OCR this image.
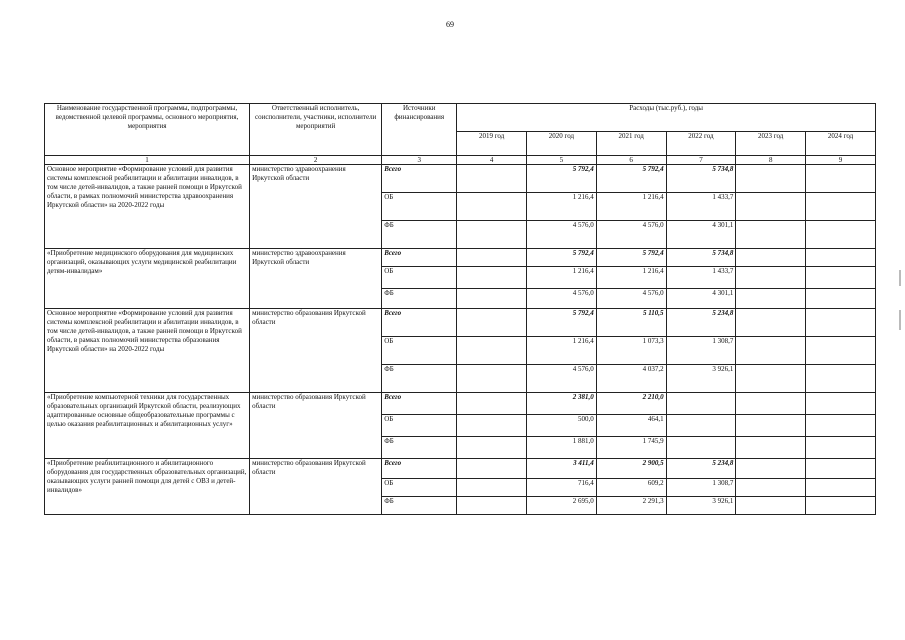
69
Наименование государственной программы, подпрограммы, ведомственной целевой программы, основного мероприятия, мероприятия	Ответственный исполнитель, соисполнители, участники, исполнители мероприятий	Источники финансирования	Расходы (тыс.руб.), годы					
			2019 год	2020 год	2021 год	2022 год	2023 год	2024 год
1	2	3	4	5	6	7	8	9
Основное мероприятие «Формирование условий для развития системы комплексной реабилитации и абилитации инвалидов, в том числе детей-инвалидов, а также ранней помощи в Иркутской области, в рамках полномочий министерства здравоохранения Иркутской области» на 2020-2022 годы	министерство здравоохранения Иркутской области	Всего		5 792,4	5 792,4	5 734,8		
		ОБ		1 216,4	1 216,4	1 433,7		
		ФБ		4 576,0	4 576,0	4 301,1		
«Приобретение медицинского оборудования для медицинских организаций, оказывающих услуги медицинской реабилитации детям-инвалидам»	министерство здравоохранения Иркутской области	Всего		5 792,4	5 792,4	5 734,8		
		ОБ		1 216,4	1 216,4	1 433,7		
		ФБ		4 576,0	4 576,0	4 301,1		
Основное мероприятие «Формирование условий для развития системы комплексной реабилитации и абилитации инвалидов, в том числе детей-инвалидов, а также ранней помощи в Иркутской области, в рамках полномочий министерства образования Иркутской области» на 2020-2022 годы	министерство образования Иркутской области	Всего		5 792,4	5 110,5	5 234,8		
		ОБ		1 216,4	1 073,3	1 308,7		
		ФБ		4 576,0	4 037,2	3 926,1		
«Приобретение компьютерной техники для государственных образовательных организаций Иркутской области, реализующих адаптированные основные общеобразовательные программы с целью оказания реабилитационных и абилитационных услуг»	министерство образования Иркутской области	Всего		2 381,0	2 210,0			
		ОБ		500,0	464,1			
		ФБ		1 881,0	1 745,9			
«Приобретение реабилитационного и абилитационного оборудования для государственных образовательных организаций, оказывающих услуги ранней помощи для детей с ОВЗ и детей-инвалидов»	министерство образования Иркутской области	Всего		3 411,4	2 900,5	5 234,8		
		ОБ		716,4	609,2	1 308,7		
		ФБ		2 695,0	2 291,3	3 926,1		
